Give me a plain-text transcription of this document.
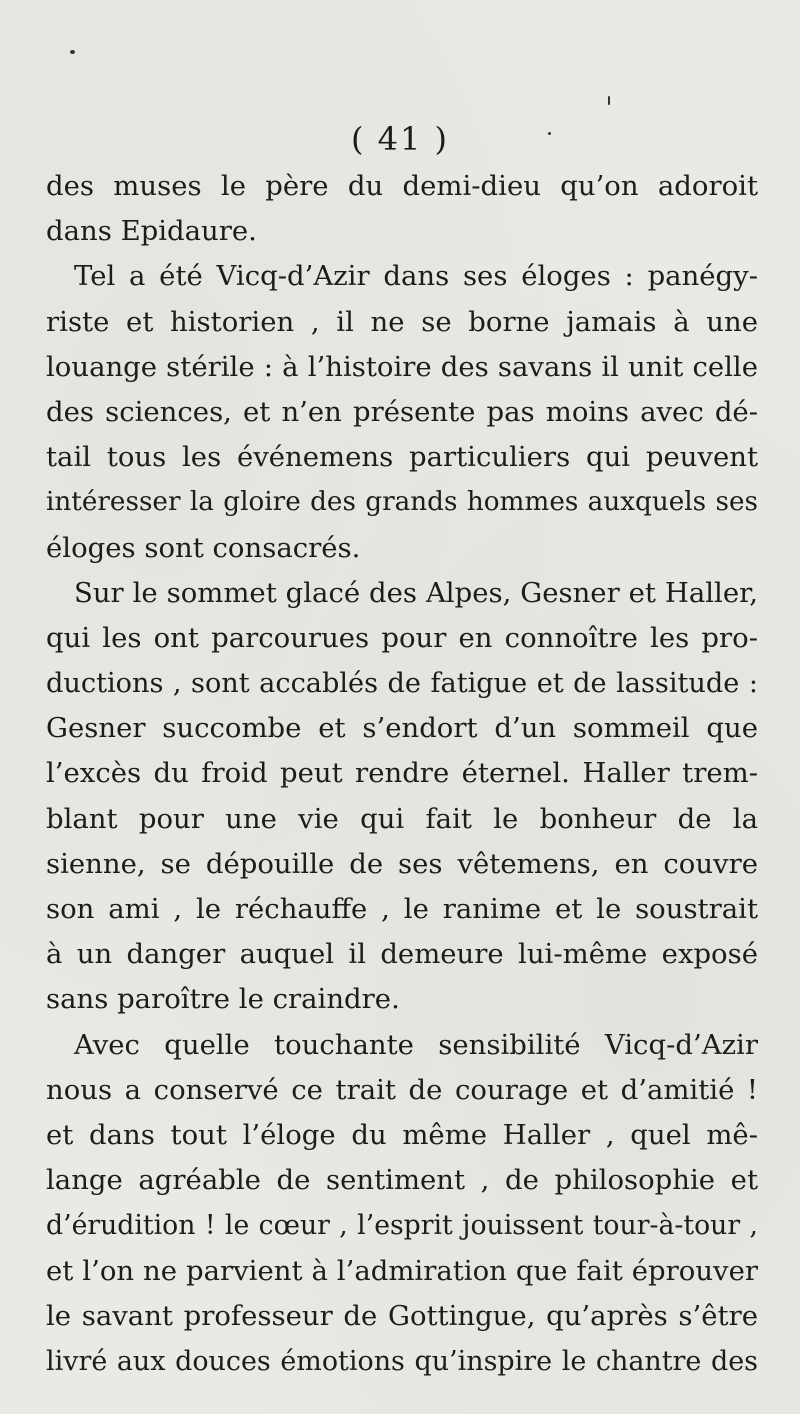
( 41 )
des muses le père du demi-dieu qu’on adoroit
dans Epidaure.
Tel a été Vicq-d’Azir dans ses éloges : panégy-
riste et historien , il ne se borne jamais à une
louange stérile : à l’histoire des savans il unit celle
des sciences, et n’en présente pas moins avec dé-
tail tous les événemens particuliers qui peuvent
intéresser la gloire des grands hommes auxquels ses
éloges sont consacrés.
Sur le sommet glacé des Alpes, Gesner et Haller,
qui les ont parcourues pour en connoître les pro-
ductions , sont accablés de fatigue et de lassitude :
Gesner succombe et s’endort d’un sommeil que
l’excès du froid peut rendre éternel. Haller trem-
blant pour une vie qui fait le bonheur de la
sienne, se dépouille de ses vêtemens, en couvre
son ami , le réchauffe , le ranime et le soustrait
à un danger auquel il demeure lui-même exposé
sans paroître le craindre.
Avec quelle touchante sensibilité Vicq-d’Azir
nous a conservé ce trait de courage et d’amitié !
et dans tout l’éloge du même Haller , quel mê-
lange agréable de sentiment , de philosophie et
d’érudition ! le cœur , l’esprit jouissent tour-à-tour ,
et l’on ne parvient à l’admiration que fait éprouver
le savant professeur de Gottingue, qu’après s’être
livré aux douces émotions qu’inspire le chantre des
